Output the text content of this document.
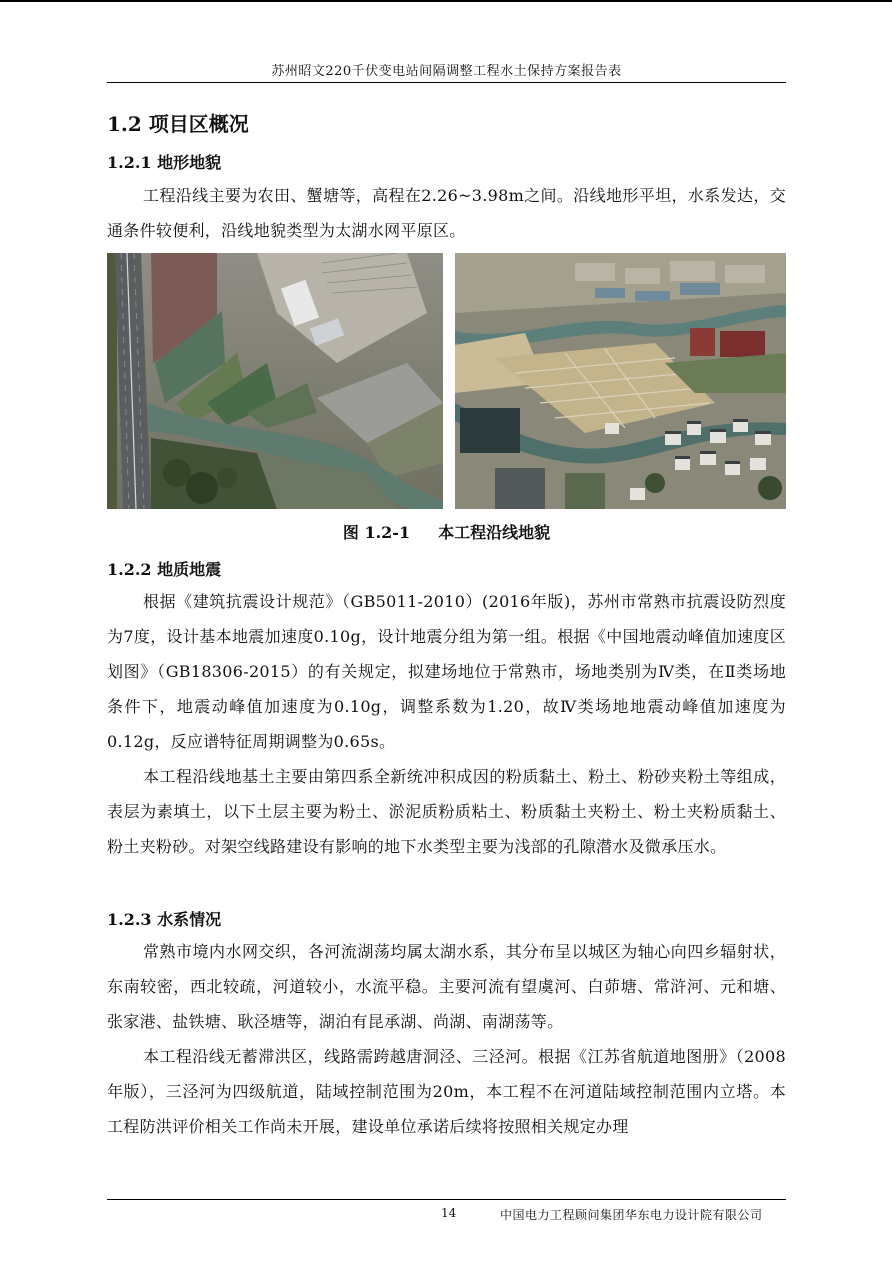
苏州昭文220千伏变电站间隔调整工程水土保持方案报告表
1.2 项目区概况
1.2.1 地形地貌

工程沿线主要为农田、蟹塘等，高程在2.26~3.98m之间。沿线地形平坦，水系发达，交通条件较便利，沿线地貌类型为太湖水网平原区。

图 1.2-1 本工程沿线地貌
1.2.2 地质地震

根据《建筑抗震设计规范》（GB5011-2010）(2016年版)，苏州市常熟市抗震设防烈度为7度，设计基本地震加速度0.10g，设计地震分组为第一组。根据《中国地震动峰值加速度区划图》（GB18306-2015）的有关规定，拟建场地位于常熟市，场地类别为Ⅳ类，在Ⅱ类场地条件下，地震动峰值加速度为0.10g，调整系数为1.20，故Ⅳ类场地地震动峰值加速度为0.12g，反应谱特征周期调整为0.65s。

本工程沿线地基土主要由第四系全新统冲积成因的粉质黏土、粉土、粉砂夹粉土等组成，表层为素填土，以下土层主要为粉土、淤泥质粉质粘土、粉质黏土夹粉土、粉土夹粉质黏土、粉土夹粉砂。对架空线路建设有影响的地下水类型主要为浅部的孔隙潜水及微承压水。

1.2.3 水系情况

常熟市境内水网交织，各河流湖荡均属太湖水系，其分布呈以城区为轴心向四乡辐射状，东南较密，西北较疏，河道较小，水流平稳。主要河流有望虞河、白茆塘、常浒河、元和塘、张家港、盐铁塘、耿泾塘等，湖泊有昆承湖、尚湖、南湖荡等。

本工程沿线无蓄滞洪区，线路需跨越唐洞泾、三泾河。根据《江苏省航道地图册》（2008年版），三泾河为四级航道，陆域控制范围为20m，本工程不在河道陆域控制范围内立塔。本工程防洪评价相关工作尚未开展，建设单位承诺后续将按照相关规定办理

14	中国电力工程顾问集团华东电力设计院有限公司
